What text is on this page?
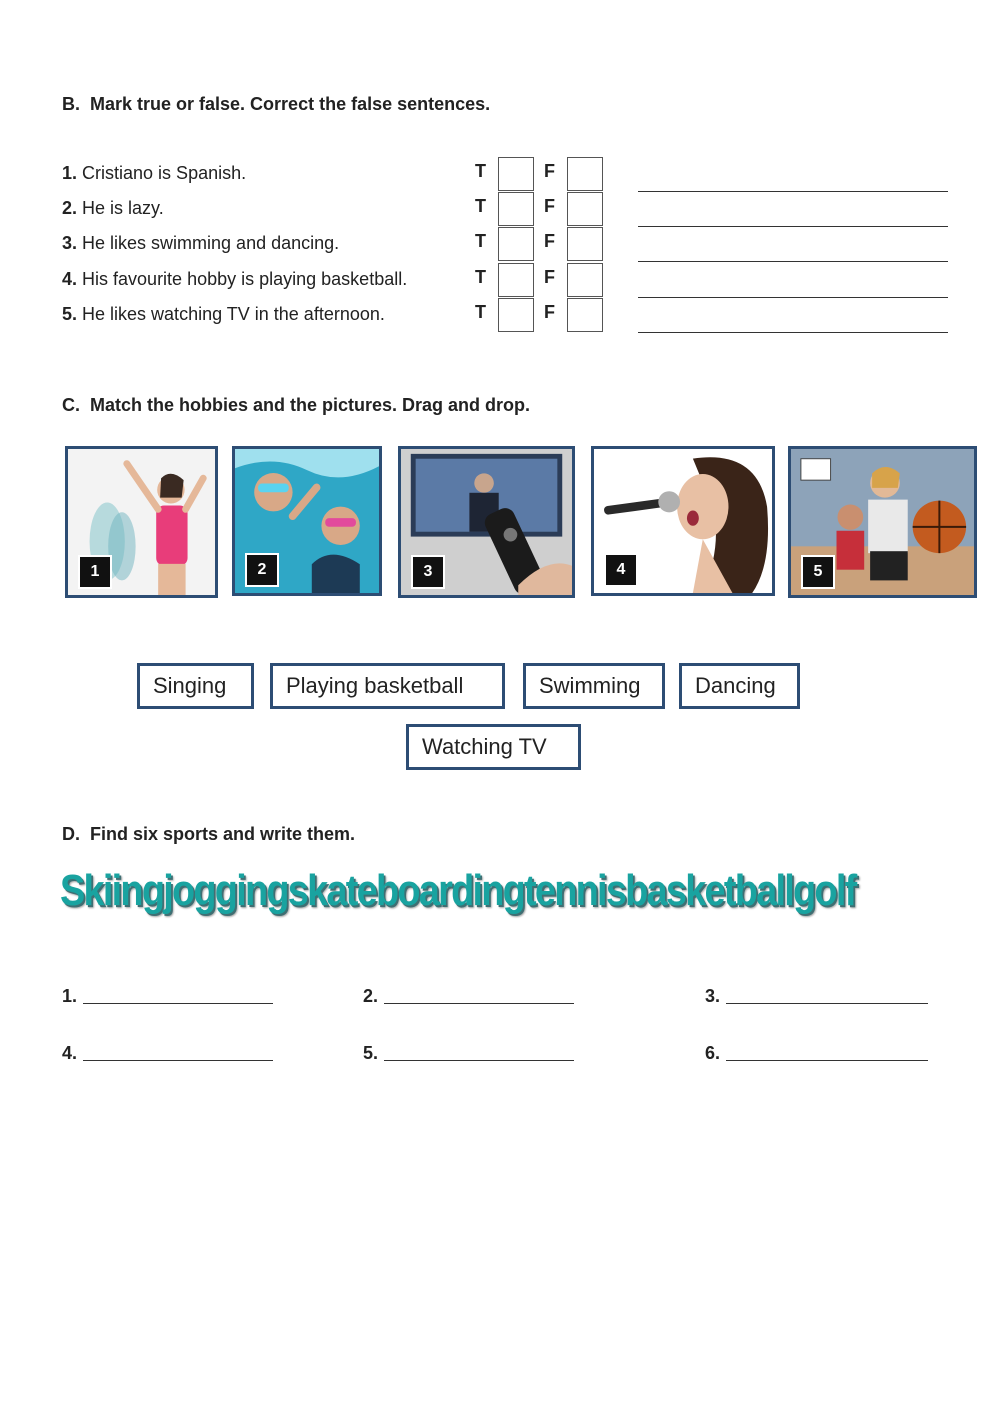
B. Mark true or false. Correct the false sentences.
1. Cristiano is Spanish.	T	F
2. He is lazy.	T	F
3. He likes swimming and dancing.	T	F
4. His favourite hobby is playing basketball.	T	F
5. He likes watching TV in the afternoon.	T	F
C. Match the hobbies and the pictures. Drag and drop.
1	2	3	4	5
Singing	Playing basketball	Swimming	Dancing
Watching TV
D. Find six sports and write them.
Skiingjoggingskateboardingtennisbasketballgolf
1.	2.	3.
4.	5.	6.
